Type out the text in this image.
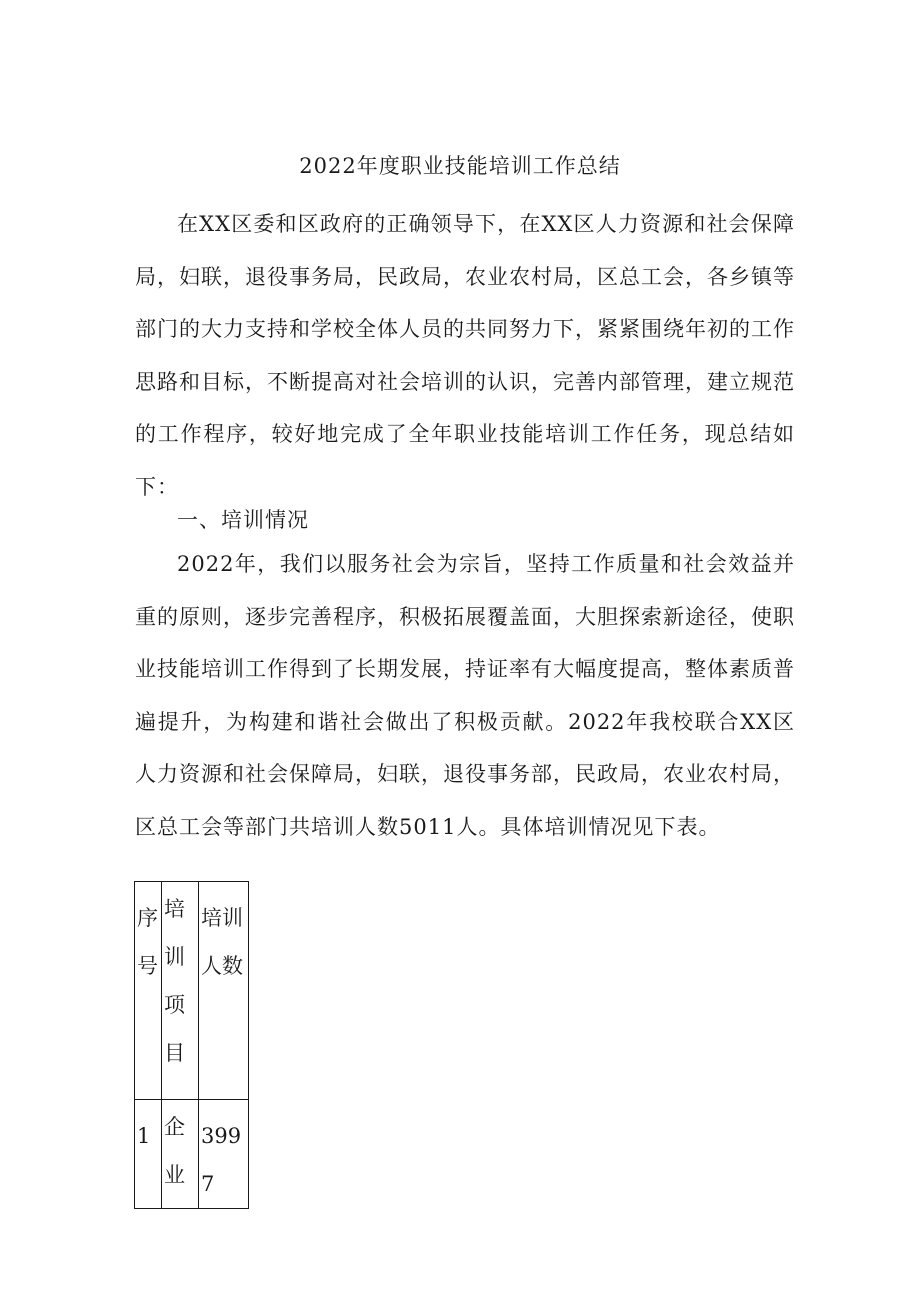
2022年度职业技能培训工作总结
在XX区委和区政府的正确领导下，在XX区人力资源和社会保障局，妇联，退役事务局，民政局，农业农村局，区总工会，各乡镇等部门的大力支持和学校全体人员的共同努力下，紧紧围绕年初的工作思路和目标，不断提高对社会培训的认识，完善内部管理，建立规范的工作程序，较好地完成了全年职业技能培训工作任务，现总结如下：
一、培训情况
2022年，我们以服务社会为宗旨，坚持工作质量和社会效益并重的原则，逐步完善程序，积极拓展覆盖面，大胆探索新途径，使职业技能培训工作得到了长期发展，持证率有大幅度提高，整体素质普遍提升，为构建和谐社会做出了积极贡献。2022年我校联合XX区人力资源和社会保障局，妇联，退役事务部，民政局，农业农村局，区总工会等部门共培训人数5011人。具体培训情况见下表。
序号	培训项目	培训人数
1	企业	3997
